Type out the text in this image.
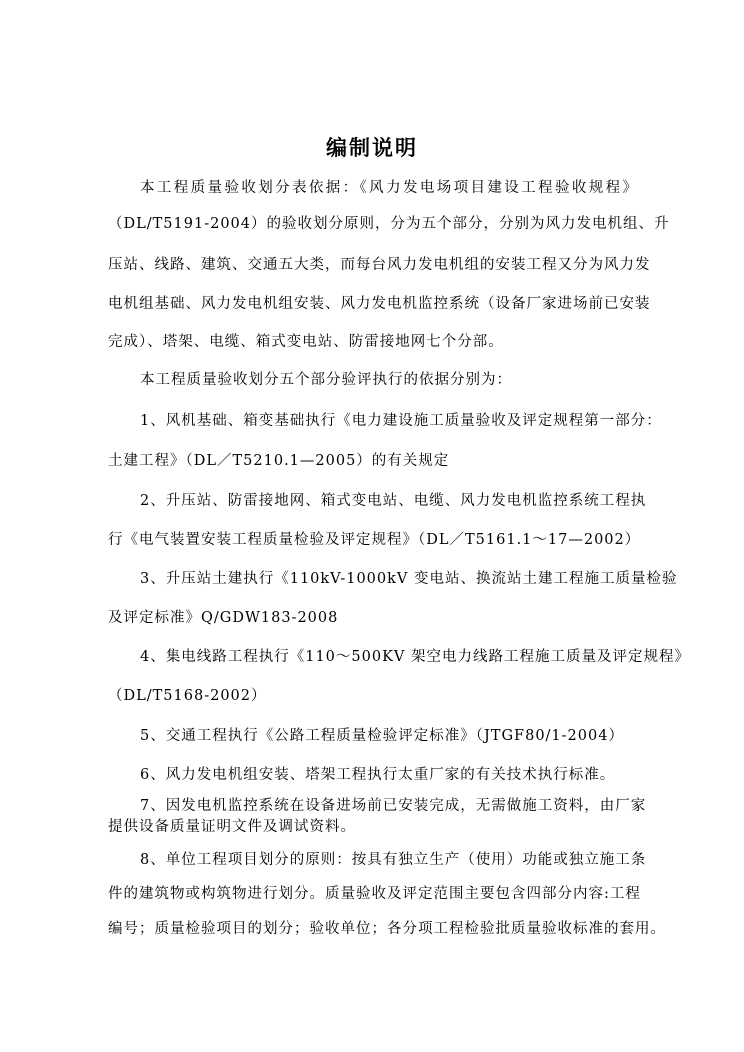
编制说明
本工程质量验收划分表依据：《风力发电场项目建设工程验收规程》
（DL/T5191-2004）的验收划分原则，分为五个部分，分别为风力发电机组、升
压站、线路、建筑、交通五大类，而每台风力发电机组的安装工程又分为风力发
电机组基础、风力发电机组安装、风力发电机监控系统（设备厂家进场前已安装
完成）、塔架、电缆、箱式变电站、防雷接地网七个分部。
本工程质量验收划分五个部分验评执行的依据分别为：
1、风机基础、箱变基础执行《电力建设施工质量验收及评定规程第一部分：
土建工程》（DL／T5210.1—2005）的有关规定
2、升压站、防雷接地网、箱式变电站、电缆、风力发电机监控系统工程执
行《电气装置安装工程质量检验及评定规程》（DL／T5161.1～17—2002）
3、升压站土建执行《110kV-1000kV 变电站、换流站土建工程施工质量检验
及评定标准》Q/GDW183-2008
4、集电线路工程执行《110～500KV 架空电力线路工程施工质量及评定规程》
（DL/T5168-2002）
5、交通工程执行《公路工程质量检验评定标准》（JTGF80/1-2004）
6、风力发电机组安装、塔架工程执行太重厂家的有关技术执行标准。
7、因发电机监控系统在设备进场前已安装完成，无需做施工资料，由厂家
提供设备质量证明文件及调试资料。
8、单位工程项目划分的原则：按具有独立生产（使用）功能或独立施工条
件的建筑物或构筑物进行划分。质量验收及评定范围主要包含四部分内容:工程
编号；质量检验项目的划分；验收单位；各分项工程检验批质量验收标准的套用。
